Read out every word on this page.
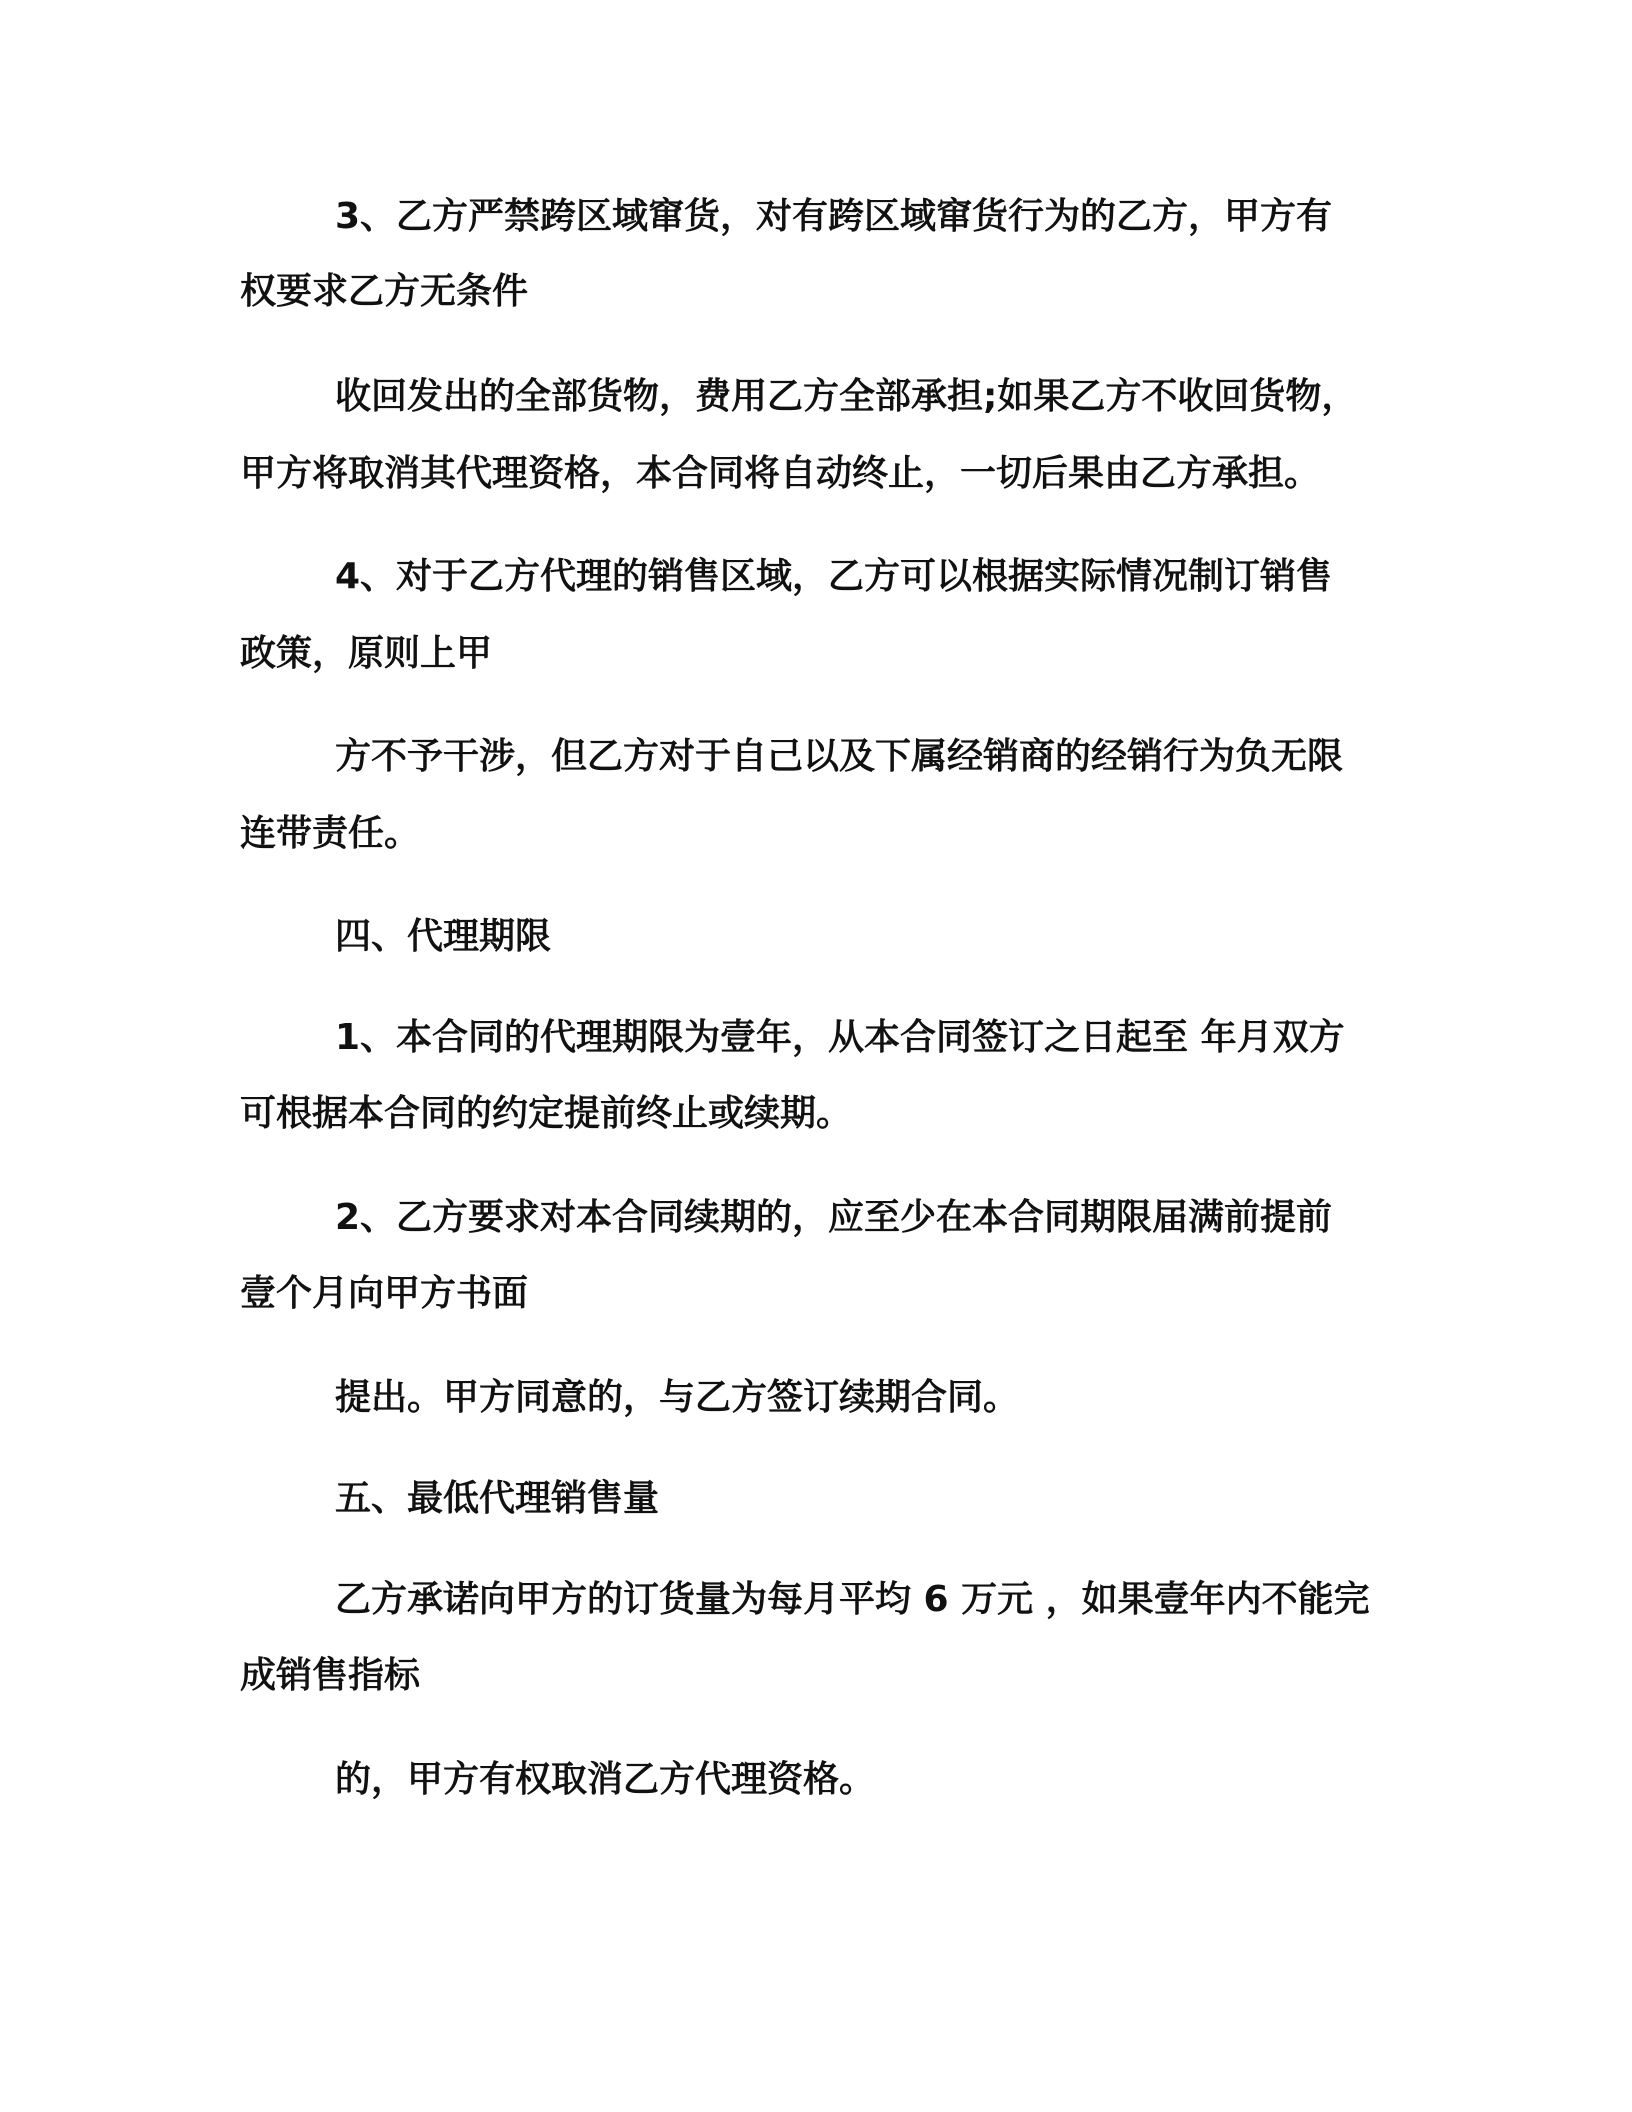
3、乙方严禁跨区域窜货，对有跨区域窜货行为的乙方，甲方有
权要求乙方无条件
收回发出的全部货物，费用乙方全部承担;如果乙方不收回货物，
甲方将取消其代理资格，本合同将自动终止，一切后果由乙方承担。
4、对于乙方代理的销售区域，乙方可以根据实际情况制订销售
政策，原则上甲
方不予干涉，但乙方对于自己以及下属经销商的经销行为负无限
连带责任。
四、代理期限
1、本合同的代理期限为壹年，从本合同签订之日起至 年月双方
可根据本合同的约定提前终止或续期。
2、乙方要求对本合同续期的，应至少在本合同期限届满前提前
壹个月向甲方书面
提出。甲方同意的，与乙方签订续期合同。
五、最低代理销售量
乙方承诺向甲方的订货量为每月平均 6 万元 ，如果壹年内不能完
成销售指标
的，甲方有权取消乙方代理资格。
